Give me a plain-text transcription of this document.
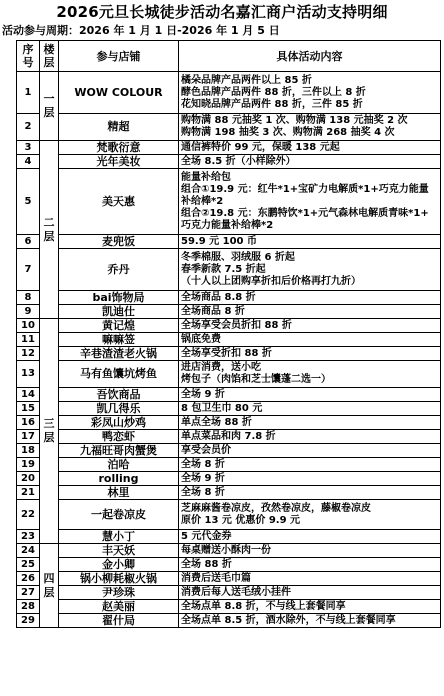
2026元旦长城徒步活动名嘉汇商户活动支持明细
活动参与周期：2026 年 1 月 1 日-2026 年 1 月 5 日
序号	楼层	参与店铺	具体活动内容
1	一层	WOW COLOUR	橘朵品牌产品两件以上 85 折
酵色品牌产品两件 88 折，三件以上 8 折
花知晓品牌产品两件 88 折，三件 85 折

2		精超	购物满 88 元抽奖 1 次、购物满 138 元抽奖 2 次
购物满 198 抽奖 3 次、购物满 268 抽奖 4 次

3	二层	梵歌衍意	通信裤特价 99 元，保暖 138 元起

4		光年美妆	全场 8.5 折（小样除外）

5		美天惠	能量补给包
组合①19.9 元：红牛*1+宝矿力电解质*1+巧克力能量
补给棒*2
组合②19.8 元：东鹏特饮*1+元气森林电解质青味*1+
巧克力能量补给棒*2

6		麦兜饭	59.9 元 100 币

7		乔丹	冬季棉服、羽绒服 6 折起
春季新款 7.5 折起
（十人以上团购享折扣后价格再打九折）

8		bai饰物局	全场商品 8.8 折

9		凯迪仕	全场商品 8 折

10	三层	黄记煌	全场享受会员折扣 88 折

11		嘛嘛签	锅底免费

12		辛巷渣渣老火锅	全场享受折扣 88 折

13		马有鱼馕坑烤鱼	进店消费，送小吃
烤包子（肉馅和芝士馕蓬二选一）

14		吾饮商品	全场 9 折

15		凯几得乐	8 包卫生巾 80 元

16		彩凤山炒鸡	单点全场 88 折

17		鸭恋虾	单点菜品和肉 7.8 折

18		九福旺哥肉蟹煲	享受会员价

19		泊哈	全场 8 折

20		rolling	全场 9 折

21		林里	全场 8 折

22		一起卷凉皮	芝麻麻酱卷凉皮，孜然卷凉皮，藤椒卷凉皮
原价 13 元 优惠价 9.9 元

23		慧小丁	5 元代金券

24	四层	丰天妖	每桌赠送小酥肉一份

25		金小卿	全场 88 折

26		锅小柳耗椒火锅	消费后送毛巾篇

27		尹珍珠	消费后每人送毛绒小挂件

28		赵美丽	全场点单 8.8 折，不与线上套餐同享

29		翟什局	全场点单 8.5 折，酒水除外，不与线上套餐同享
